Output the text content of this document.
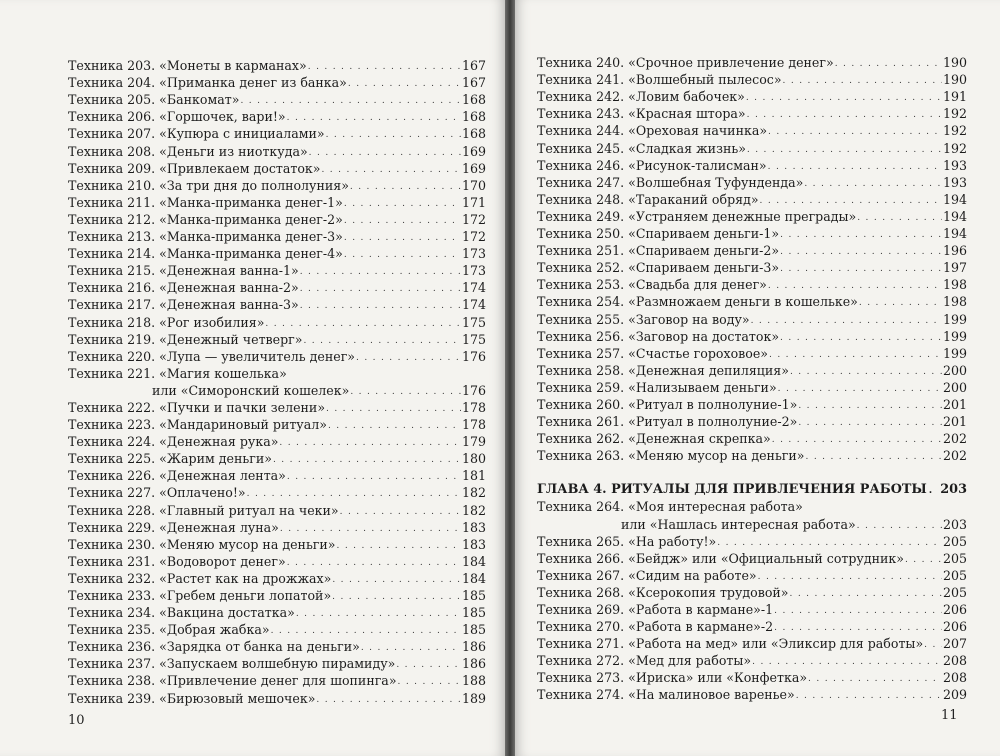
Техника 203. «Монеты в карманах» . . .	167
Техника 204. «Приманка денег из банка» . . .	167
Техника 205. «Банкомат» . . .	168
Техника 206. «Горшочек, вари!» . . .	168
Техника 207. «Купюра с инициалами» . . .	168
Техника 208. «Деньги из ниоткуда» . . .	169
Техника 209. «Привлекаем достаток» . . .	169
Техника 210. «За три дня до полнолуния» . . .	170
Техника 211. «Манка-приманка денег-1» . . .	171
Техника 212. «Манка-приманка денег-2» . . .	172
Техника 213. «Манка-приманка денег-3» . . .	172
Техника 214. «Манка-приманка денег-4» . . .	173
Техника 215. «Денежная ванна-1» . . .	173
Техника 216. «Денежная ванна-2» . . .	174
Техника 217. «Денежная ванна-3» . . .	174
Техника 218. «Рог изобилия» . . .	175
Техника 219. «Денежный четверг» . . .	175
Техника 220. «Лупа — увеличитель денег» . . .	176
Техника 221. «Магия кошелька»
или «Симоронский кошелек» . . .	176
Техника 222. «Пучки и пачки зелени» . . .	178
Техника 223. «Мандариновый ритуал» . . .	178
Техника 224. «Денежная рука» . . .	179
Техника 225. «Жарим деньги» . . .	180
Техника 226. «Денежная лента» . . .	181
Техника 227. «Оплачено!» . . .	182
Техника 228. «Главный ритуал на чеки» . . .	182
Техника 229. «Денежная луна» . . .	183
Техника 230. «Меняю мусор на деньги» . . .	183
Техника 231. «Водоворот денег» . . .	184
Техника 232. «Растет как на дрожжах» . . .	184
Техника 233. «Гребем деньги лопатой» . . .	185
Техника 234. «Вакцина достатка» . . .	185
Техника 235. «Добрая жабка» . . .	185
Техника 236. «Зарядка от банка на деньги» . . .	186
Техника 237. «Запускаем волшебную пирамиду» . . .	186
Техника 238. «Привлечение денег для шопинга» . . .	188
Техника 239. «Бирюзовый мешочек» . . .	189
10
Техника 240. «Срочное привлечение денег» . . .	190
Техника 241. «Волшебный пылесос» . . .	190
Техника 242. «Ловим бабочек» . . .	191
Техника 243. «Красная штора» . . .	192
Техника 244. «Ореховая начинка» . . .	192
Техника 245. «Сладкая жизнь» . . .	192
Техника 246. «Рисунок-талисман» . . .	193
Техника 247. «Волшебная Туфунденда» . . .	193
Техника 248. «Тараканий обряд» . . .	194
Техника 249. «Устраняем денежные преграды» . . .	194
Техника 250. «Спариваем деньги-1» . . .	194
Техника 251. «Спариваем деньги-2» . . .	196
Техника 252. «Спариваем деньги-3» . . .	197
Техника 253. «Свадьба для денег» . . .	198
Техника 254. «Размножаем деньги в кошельке» . . .	198
Техника 255. «Заговор на воду» . . .	199
Техника 256. «Заговор на достаток» . . .	199
Техника 257. «Счастье гороховое» . . .	199
Техника 258. «Денежная депиляция» . . .	200
Техника 259. «Нализываем деньги» . . .	200
Техника 260. «Ритуал в полнолуние-1» . . .	201
Техника 261. «Ритуал в полнолуние-2» . . .	201
Техника 262. «Денежная скрепка» . . .	202
Техника 263. «Меняю мусор на деньги» . . .	202
ГЛАВА 4. РИТУАЛЫ ДЛЯ ПРИВЛЕЧЕНИЯ РАБОТЫ . . . 203
Техника 264. «Моя интересная работа»
или «Нашлась интересная работа» . . .	203
Техника 265. «На работу!» . . .	205
Техника 266. «Бейдж» или «Официальный сотрудник» . . .	205
Техника 267. «Сидим на работе» . . .	205
Техника 268. «Ксерокопия трудовой» . . .	205
Техника 269. «Работа в кармане»-1 . . .	206
Техника 270. «Работа в кармане»-2 . . .	206
Техника 271. «Работа на мед» или «Эликсир для работы» . . . 207
Техника 272. «Мед для работы» . . .	208
Техника 273. «Ириска» или «Конфетка» . . .	208
Техника 274. «На малиновое варенье» . . .	209
11
